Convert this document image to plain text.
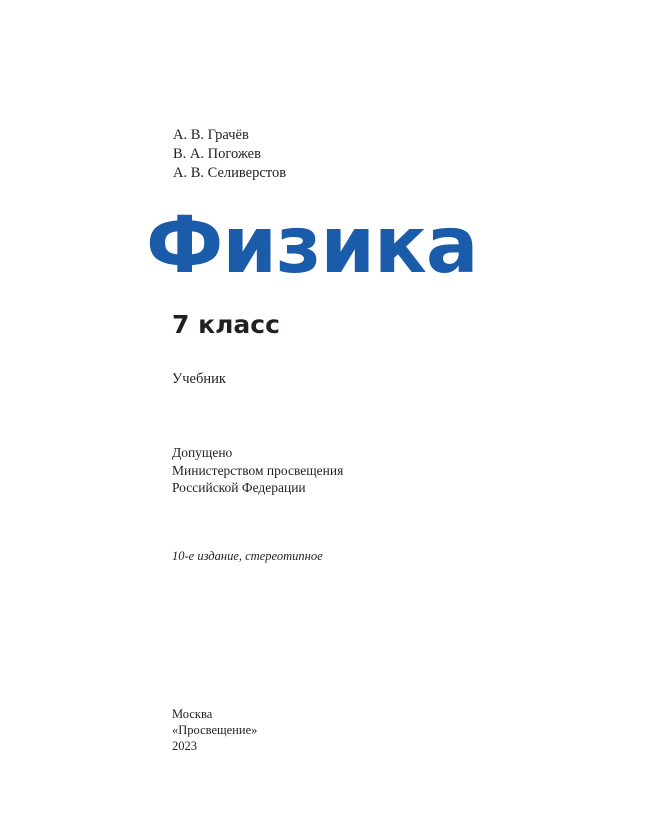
А. В. Грачёв
В. А. Погожев
А. В. Селиверстов
Физика
7 класс
Учебник
Допущено
Министерством просвещения
Российской Федерации
10-е издание, стереотипное
Москва
«Просвещение»
2023
